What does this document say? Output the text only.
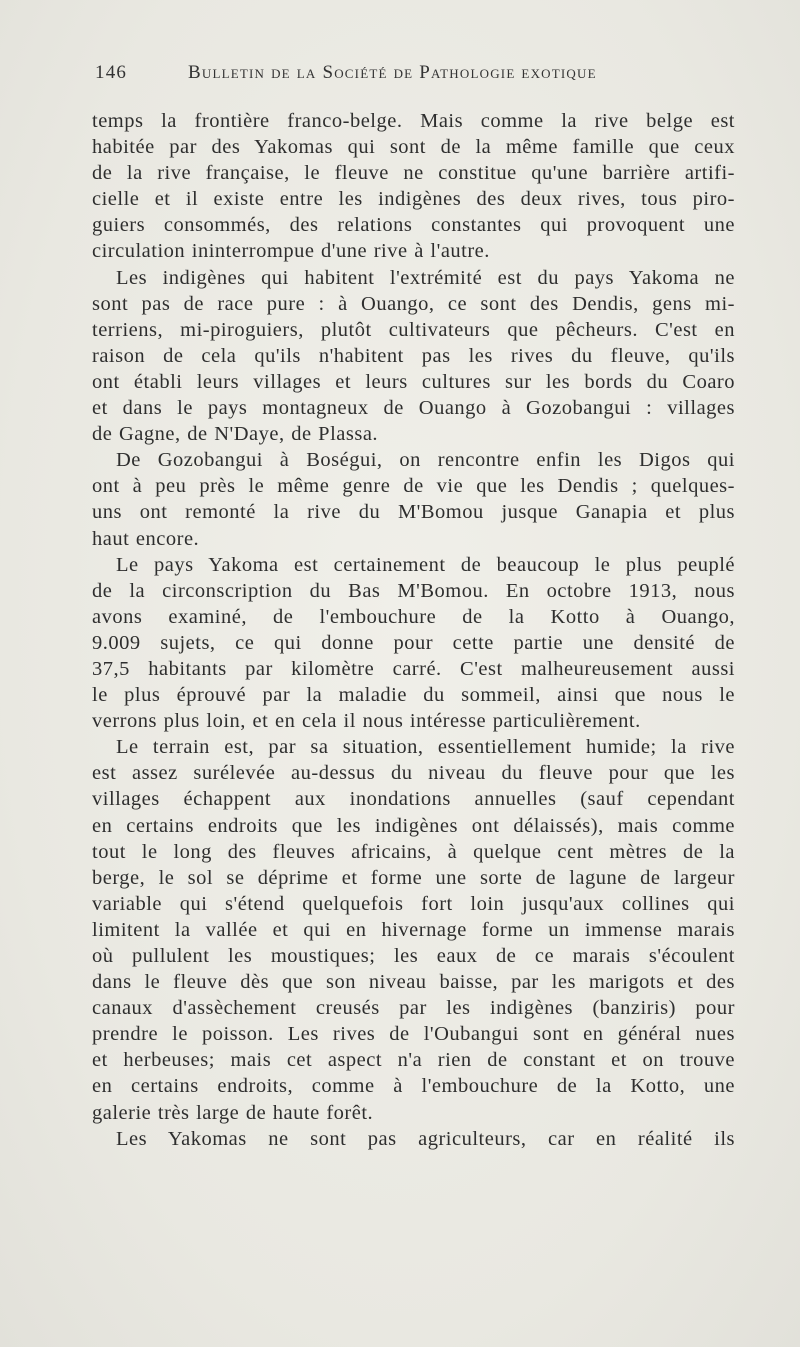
146	Bulletin de la Société de Pathologie exotique
temps la frontière franco-belge. Mais comme la rive belge est
habitée par des Yakomas qui sont de la même famille que ceux
de la rive française, le fleuve ne constitue qu'une barrière artifi-
cielle et il existe entre les indigènes des deux rives, tous piro-
guiers consommés, des relations constantes qui provoquent une
circulation ininterrompue d'une rive à l'autre.
Les indigènes qui habitent l'extrémité est du pays Yakoma ne
sont pas de race pure : à Ouango, ce sont des Dendis, gens mi-
terriens, mi-piroguiers, plutôt cultivateurs que pêcheurs. C'est en
raison de cela qu'ils n'habitent pas les rives du fleuve, qu'ils
ont établi leurs villages et leurs cultures sur les bords du Coaro
et dans le pays montagneux de Ouango à Gozobangui : villages
de Gagne, de N'Daye, de Plassa.
De Gozobangui à Boségui, on rencontre enfin les Digos qui
ont à peu près le même genre de vie que les Dendis ; quelques-
uns ont remonté la rive du M'Bomou jusque Ganapia et plus
haut encore.
Le pays Yakoma est certainement de beaucoup le plus peuplé
de la circonscription du Bas M'Bomou. En octobre 1913, nous
avons examiné, de l'embouchure de la Kotto à Ouango,
9.009 sujets, ce qui donne pour cette partie une densité de
37,5 habitants par kilomètre carré. C'est malheureusement aussi
le plus éprouvé par la maladie du sommeil, ainsi que nous le
verrons plus loin, et en cela il nous intéresse particulièrement.
Le terrain est, par sa situation, essentiellement humide; la rive
est assez surélevée au-dessus du niveau du fleuve pour que les
villages échappent aux inondations annuelles (sauf cependant
en certains endroits que les indigènes ont délaissés), mais comme
tout le long des fleuves africains, à quelque cent mètres de la
berge, le sol se déprime et forme une sorte de lagune de largeur
variable qui s'étend quelquefois fort loin jusqu'aux collines qui
limitent la vallée et qui en hivernage forme un immense marais
où pullulent les moustiques; les eaux de ce marais s'écoulent
dans le fleuve dès que son niveau baisse, par les marigots et des
canaux d'assèchement creusés par les indigènes (banziris) pour
prendre le poisson. Les rives de l'Oubangui sont en général nues
et herbeuses; mais cet aspect n'a rien de constant et on trouve
en certains endroits, comme à l'embouchure de la Kotto, une
galerie très large de haute forêt.
Les Yakomas ne sont pas agriculteurs, car en réalité ils
